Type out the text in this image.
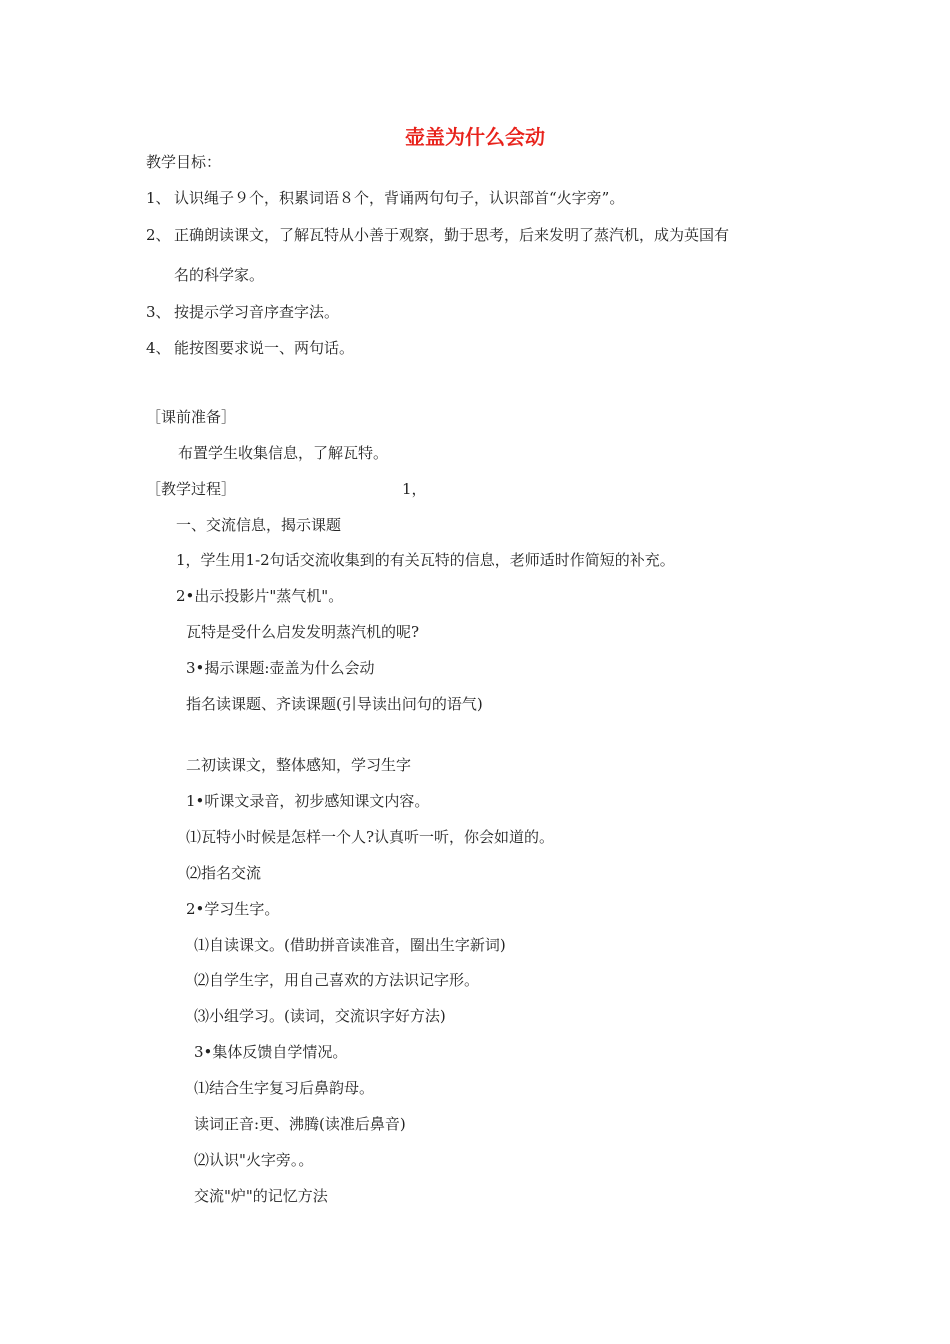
壶盖为什么会动
教学目标：
1、 认识绳子９个，积累词语８个，背诵两句句子，认识部首“火字旁”。
2、 正确朗读课文，了解瓦特从小善于观察，勤于思考，后来发明了蒸汽机，成为英国有
名的科学家。
3、 按提示学习音序查字法。
4、 能按图要求说一、两句话。
［课前准备］
布置学生收集信息，了解瓦特。
［教学过程］	1，
一、交流信息，揭示课题
1，学生用1-2句话交流收集到的有关瓦特的信息，老师适时作简短的补充。
2•出示投影片"蒸气机"。
瓦特是受什么启发发明蒸汽机的呢?
3•揭示课题:壶盖为什么会动
指名读课题、齐读课题(引导读出问句的语气)
二初读课文，整体感知，学习生字
1•听课文录音，初步感知课文内容。
⑴瓦特小时候是怎样一个人?认真听一听，你会如道的。
⑵指名交流
2•学习生字。
⑴自读课文。(借助拼音读准音，圈出生字新词)
⑵自学生字，用自己喜欢的方法识记字形。
⑶小组学习。(读词，交流识字好方法)
3•集体反馈自学情况。
⑴结合生字复习后鼻韵母。
读词正音:更、沸腾(读准后鼻音)
⑵认识"火字旁。。
交流"炉"的记忆方法
